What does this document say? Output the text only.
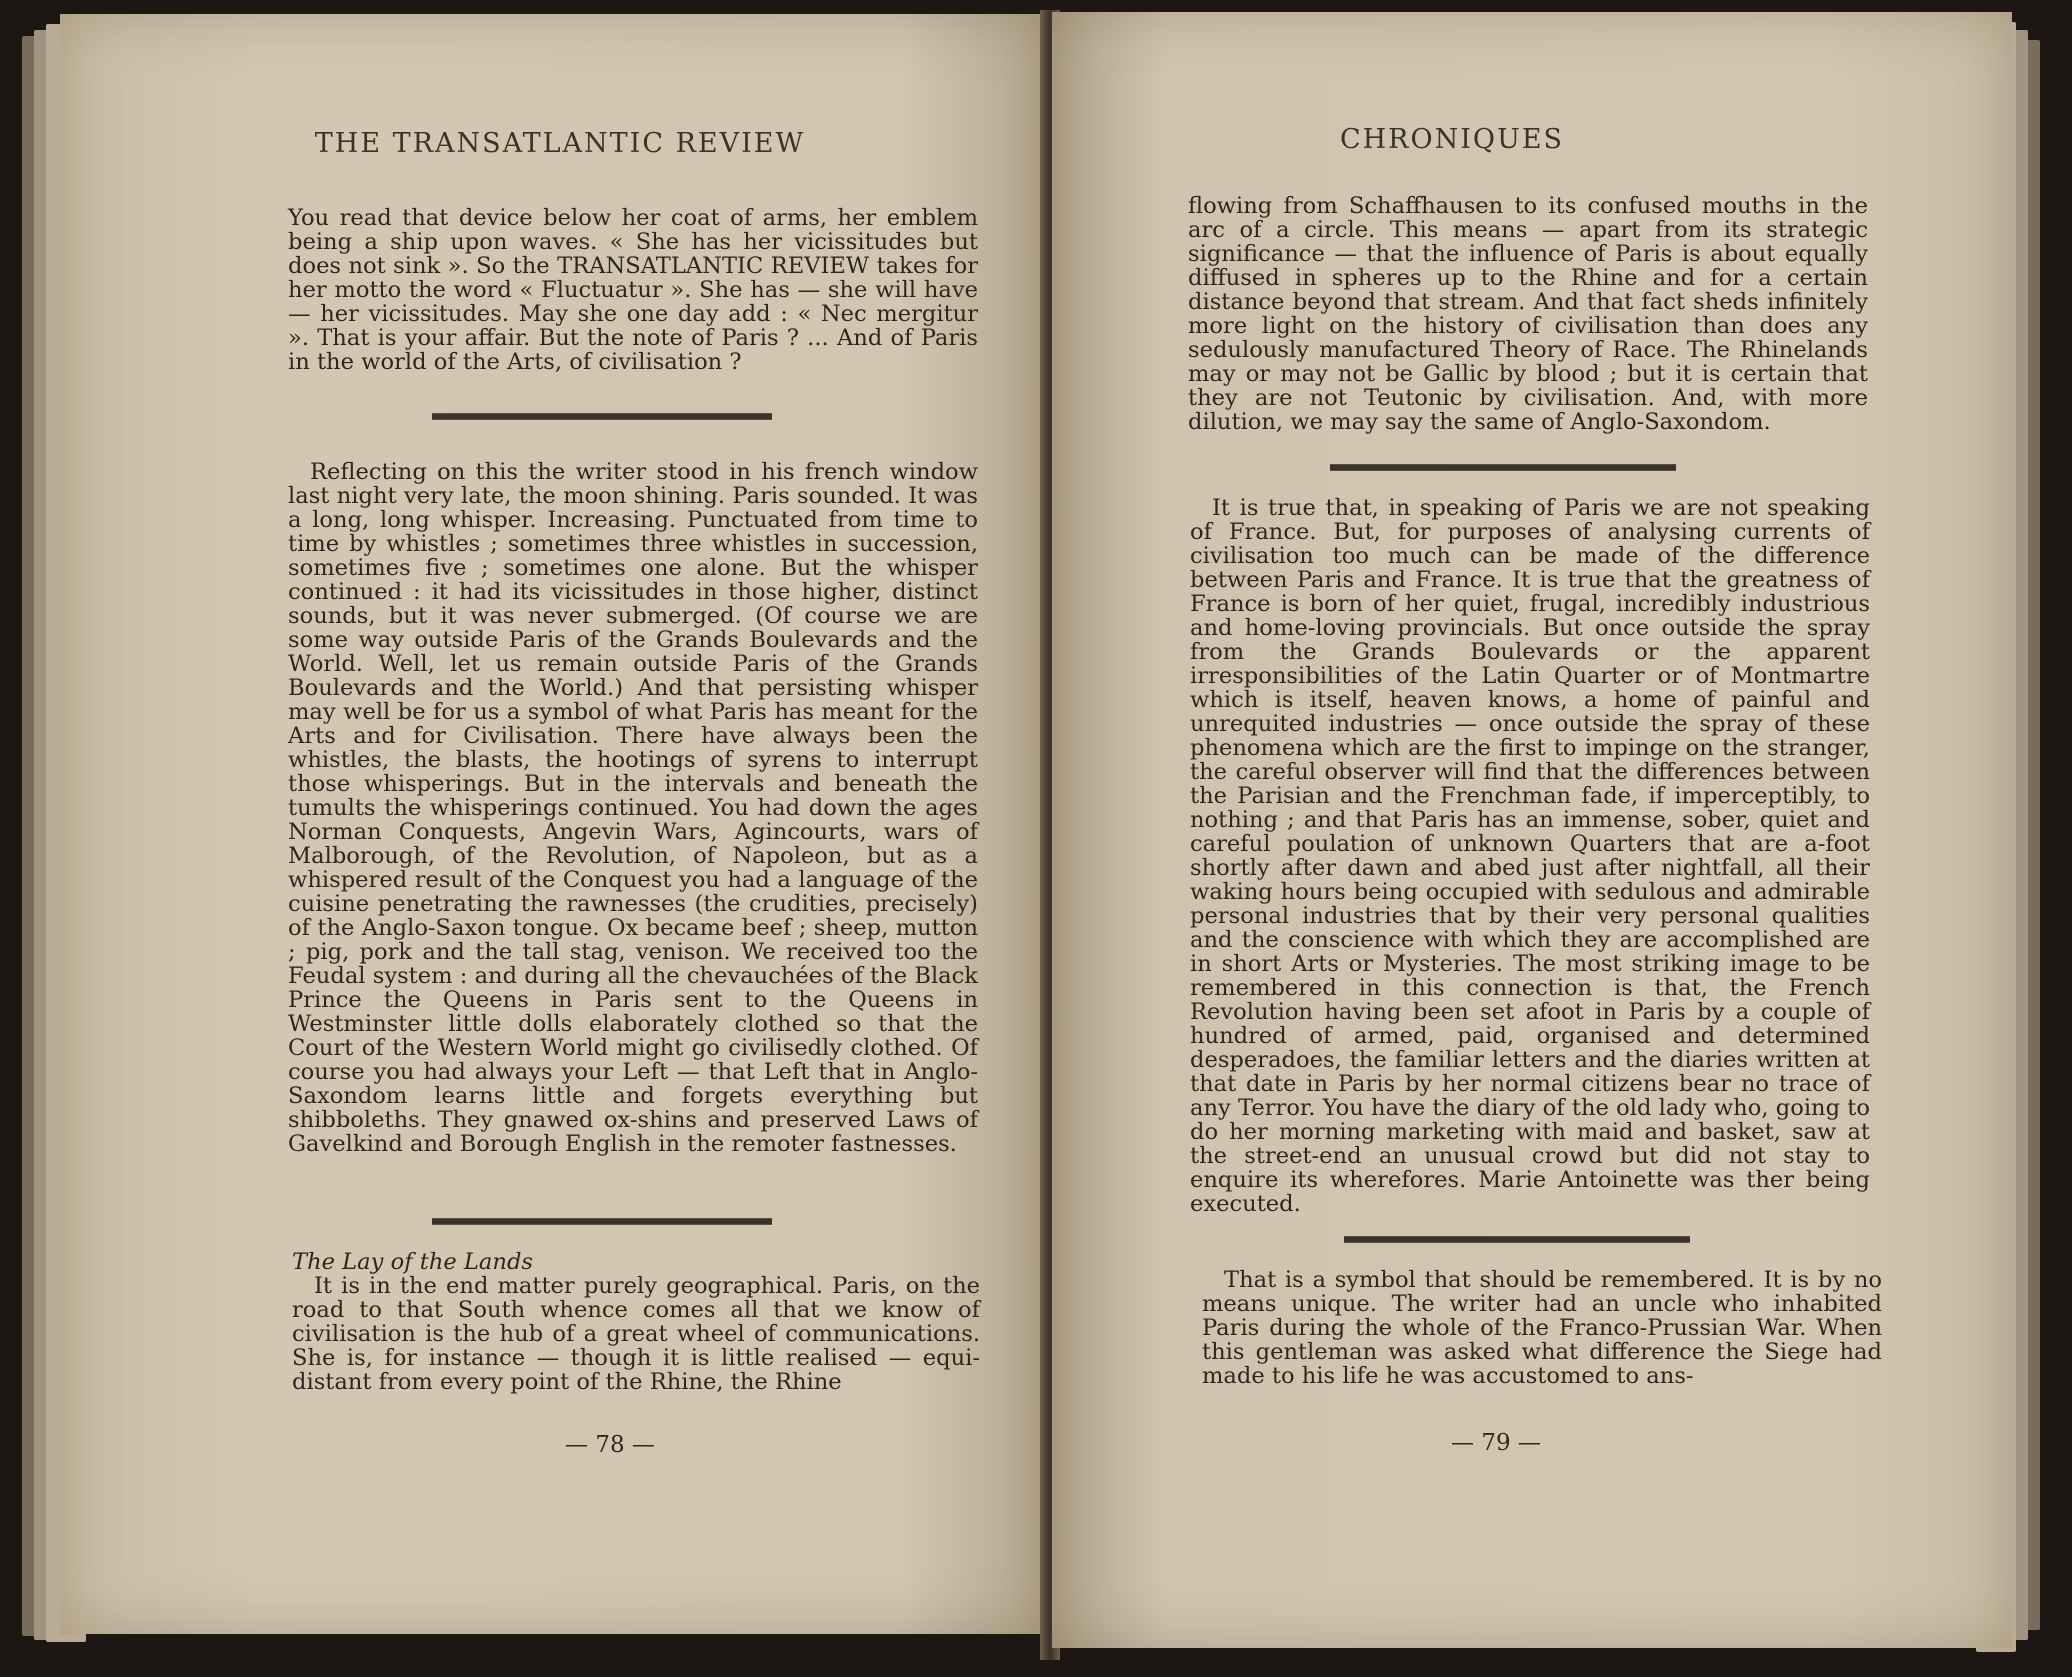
THE TRANSATLANTIC REVIEW

You read that device below her coat of arms, her emblem being a ship upon waves. « She has her vicissitudes but does not sink ». So the TRANSATLANTIC REVIEW takes for her motto the word « Fluctuatur ». She has — she will have — her vicissitudes. May she one day add : « Nec mergitur ». That is your affair. But the note of Paris ? ... And of Paris in the world of the Arts, of civilisation ?

Reflecting on this the writer stood in his french window last night very late, the moon shining. Paris sounded. It was a long, long whisper. Increasing. Punctuated from time to time by whistles ; sometimes three whistles in succession, sometimes five ; sometimes one alone. But the whisper continued : it had its vicissitudes in those higher, distinct sounds, but it was never submerged. (Of course we are some way outside Paris of the Grands Boulevards and the World. Well, let us remain outside Paris of the Grands Boulevards and the World.) And that persisting whisper may well be for us a symbol of what Paris has meant for the Arts and for Civilisation. There have always been the whistles, the blasts, the hootings of syrens to interrupt those whisperings. But in the intervals and beneath the tumults the whisperings continued. You had down the ages Norman Conquests, Angevin Wars, Agincourts, wars of Malborough, of the Revolution, of Napoleon, but as a whispered result of the Conquest you had a language of the cuisine penetrating the rawnesses (the crudities, precisely) of the Anglo-Saxon tongue. Ox became beef ; sheep, mutton ; pig, pork and the tall stag, venison. We received too the Feudal system : and during all the chevauchées of the Black Prince the Queens in Paris sent to the Queens in Westminster little dolls elaborately clothed so that the Court of the Western World might go civilisedly clothed. Of course you had always your Left — that Left that in Anglo-Saxondom learns little and forgets everything but shibboleths. They gnawed ox-shins and preserved Laws of Gavelkind and Borough English in the remoter fastnesses.

The Lay of the Lands

It is in the end matter purely geographical. Paris, on the road to that South whence comes all that we know of civilisation is the hub of a great wheel of communications. She is, for instance — though it is little realised — equi-distant from every point of the Rhine, the Rhine

— 78 —
CHRONIQUES

flowing from Schaffhausen to its confused mouths in the arc of a circle. This means — apart from its strategic significance — that the influence of Paris is about equally diffused in spheres up to the Rhine and for a certain distance beyond that stream. And that fact sheds infinitely more light on the history of civilisation than does any sedulously manufactured Theory of Race. The Rhinelands may or may not be Gallic by blood ; but it is certain that they are not Teutonic by civilisation. And, with more dilution, we may say the same of Anglo-Saxondom.

It is true that, in speaking of Paris we are not speaking of France. But, for purposes of analysing currents of civilisation too much can be made of the difference between Paris and France. It is true that the greatness of France is born of her quiet, frugal, incredibly industrious and home-loving provincials. But once outside the spray from the Grands Boulevards or the apparent irresponsibilities of the Latin Quarter or of Montmartre which is itself, heaven knows, a home of painful and unrequited industries — once outside the spray of these phenomena which are the first to impinge on the stranger, the careful observer will find that the differences between the Parisian and the Frenchman fade, if imperceptibly, to nothing ; and that Paris has an immense, sober, quiet and careful poulation of unknown Quarters that are a-foot shortly after dawn and abed just after nightfall, all their waking hours being occupied with sedulous and admirable personal industries that by their very personal qualities and the conscience with which they are accomplished are in short Arts or Mysteries. The most striking image to be remembered in this connection is that, the French Revolution having been set afoot in Paris by a couple of hundred of armed, paid, organised and determined desperadoes, the familiar letters and the diaries written at that date in Paris by her normal citizens bear no trace of any Terror. You have the diary of the old lady who, going to do her morning marketing with maid and basket, saw at the street-end an unusual crowd but did not stay to enquire its wherefores. Marie Antoinette was ther being executed.

That is a symbol that should be remembered. It is by no means unique. The writer had an uncle who inhabited Paris during the whole of the Franco-Prussian War. When this gentleman was asked what difference the Siege had made to his life he was accustomed to ans-

— 79 —
